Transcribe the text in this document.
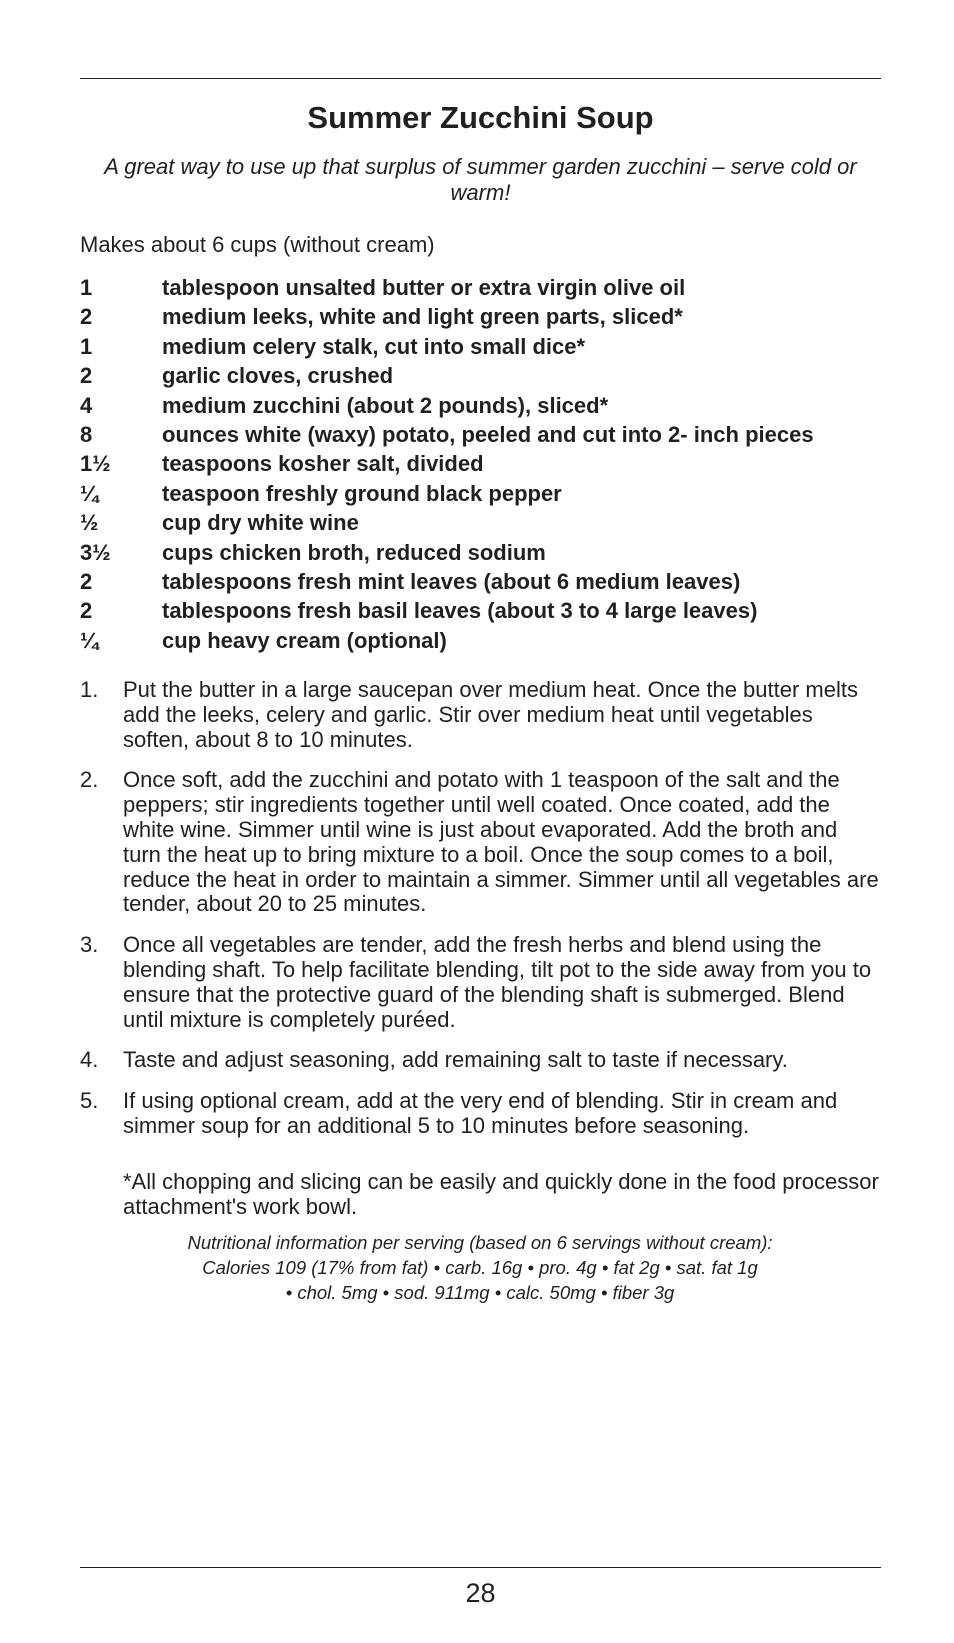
Summer Zucchini Soup

A great way to use up that surplus of summer garden zucchini – serve cold or warm!

Makes about 6 cups (without cream)

1	tablespoon unsalted butter or extra virgin olive oil
2	medium leeks, white and light green parts, sliced*
1	medium celery stalk, cut into small dice*
2	garlic cloves, crushed
4	medium zucchini (about 2 pounds), sliced*
8	ounces white (waxy) potato, peeled and cut into 2- inch pieces
1½	teaspoons kosher salt, divided
¼	teaspoon freshly ground black pepper
½	cup dry white wine
3½	cups chicken broth, reduced sodium
2	tablespoons fresh mint leaves (about 6 medium leaves)
2	tablespoons fresh basil leaves (about 3 to 4 large leaves)
¼	cup heavy cream (optional)
1.	Put the butter in a large saucepan over medium heat. Once the butter melts add the leeks, celery and garlic. Stir over medium heat until vegetables soften, about 8 to 10 minutes.
2.	Once soft, add the zucchini and potato with 1 teaspoon of the salt and the peppers; stir ingredients together until well coated. Once coated, add the white wine. Simmer until wine is just about evaporated. Add the broth and turn the heat up to bring mixture to a boil. Once the soup comes to a boil, reduce the heat in order to maintain a simmer. Simmer until all vegetables are tender, about 20 to 25 minutes.
3.	Once all vegetables are tender, add the fresh herbs and blend using the blending shaft. To help facilitate blending, tilt pot to the side away from you to ensure that the protective guard of the blending shaft is submerged. Blend until mixture is completely puréed.
4.	Taste and adjust seasoning, add remaining salt to taste if necessary.
5.	If using optional cream, add at the very end of blending. Stir in cream and simmer soup for an additional 5 to 10 minutes before seasoning.

*All chopping and slicing can be easily and quickly done in the food processor attachment's work bowl.

Nutritional information per serving (based on 6 servings without cream):
Calories 109 (17% from fat) • carb. 16g • pro. 4g • fat 2g • sat. fat 1g
• chol. 5mg • sod. 911mg • calc. 50mg • fiber 3g
28
